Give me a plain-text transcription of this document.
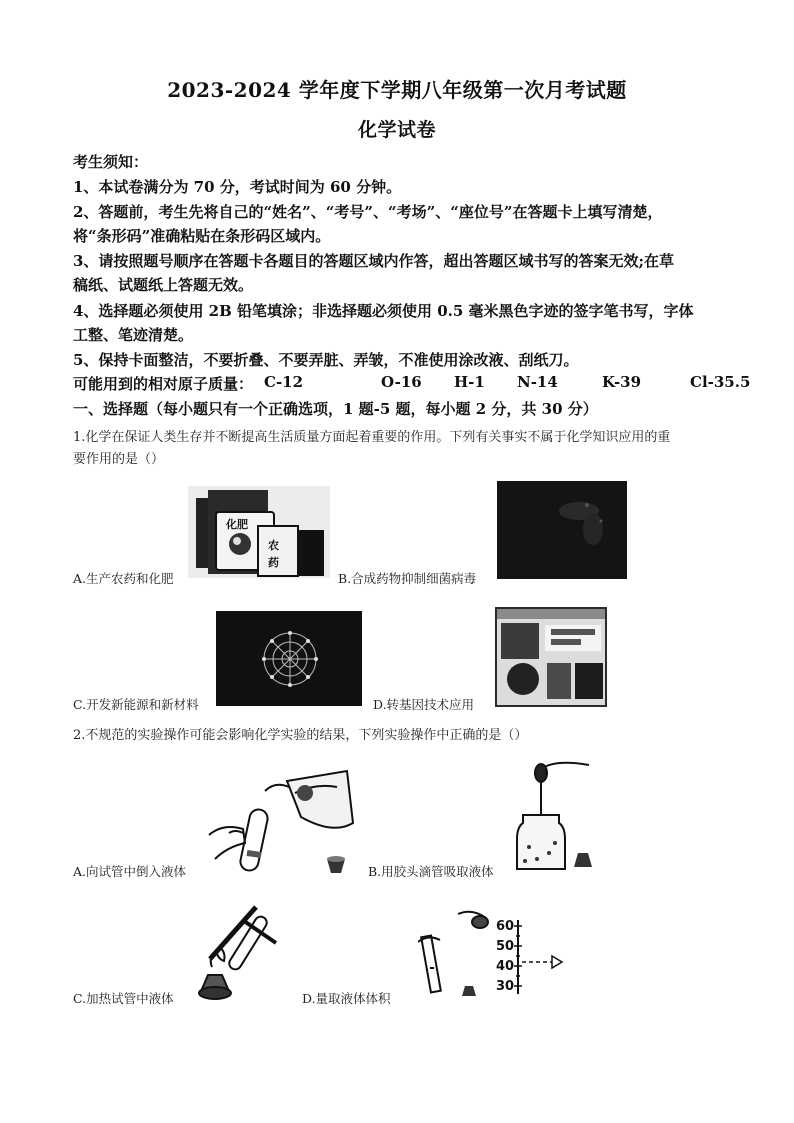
2023-2024 学年度下学期八年级第一次月考试题
化学试卷
考生须知：
1、本试卷满分为 70 分，考试时间为 60 分钟。
2、答题前，考生先将自己的“姓名”、“考号”、“考场”、“座位号”在答题卡上填写清楚，
将“条形码”准确粘贴在条形码区域内。
3、请按照题号顺序在答题卡各题目的答题区域内作答，超出答题区域书写的答案无效;在草
稿纸、试题纸上答题无效。
4、选择题必须使用 2B 铅笔填涂；非选择题必须使用 0.5 毫米黑色字迹的签字笔书写，字体
工整、笔迹清楚。
5、保持卡面整洁，不要折叠、不要弄脏、弄皱，不准使用涂改液、刮纸刀。
可能用到的相对原子质量： C-12	O-16 H-1 N-14	K-39	Cl-35.5
一、选择题（每小题只有一个正确选项，1 题-5 题，每小题 2 分，共 30 分）
1.化学在保证人类生存并不断提高生活质量方面起着重要的作用。下列有关事实不属于化学知识应用的重
要作用的是（）
化肥
农
药
A.生产农药和化肥	B.合成药物抑制细菌病毒
C.开发新能源和新材料	D.转基因技术应用
2.不规范的实验操作可能会影响化学实验的结果，下列实验操作中正确的是（）
A.向试管中倒入液体	B.用胶头滴管吸取液体
C.加热试管中液体
60
50
40
30
D.量取液体体积
